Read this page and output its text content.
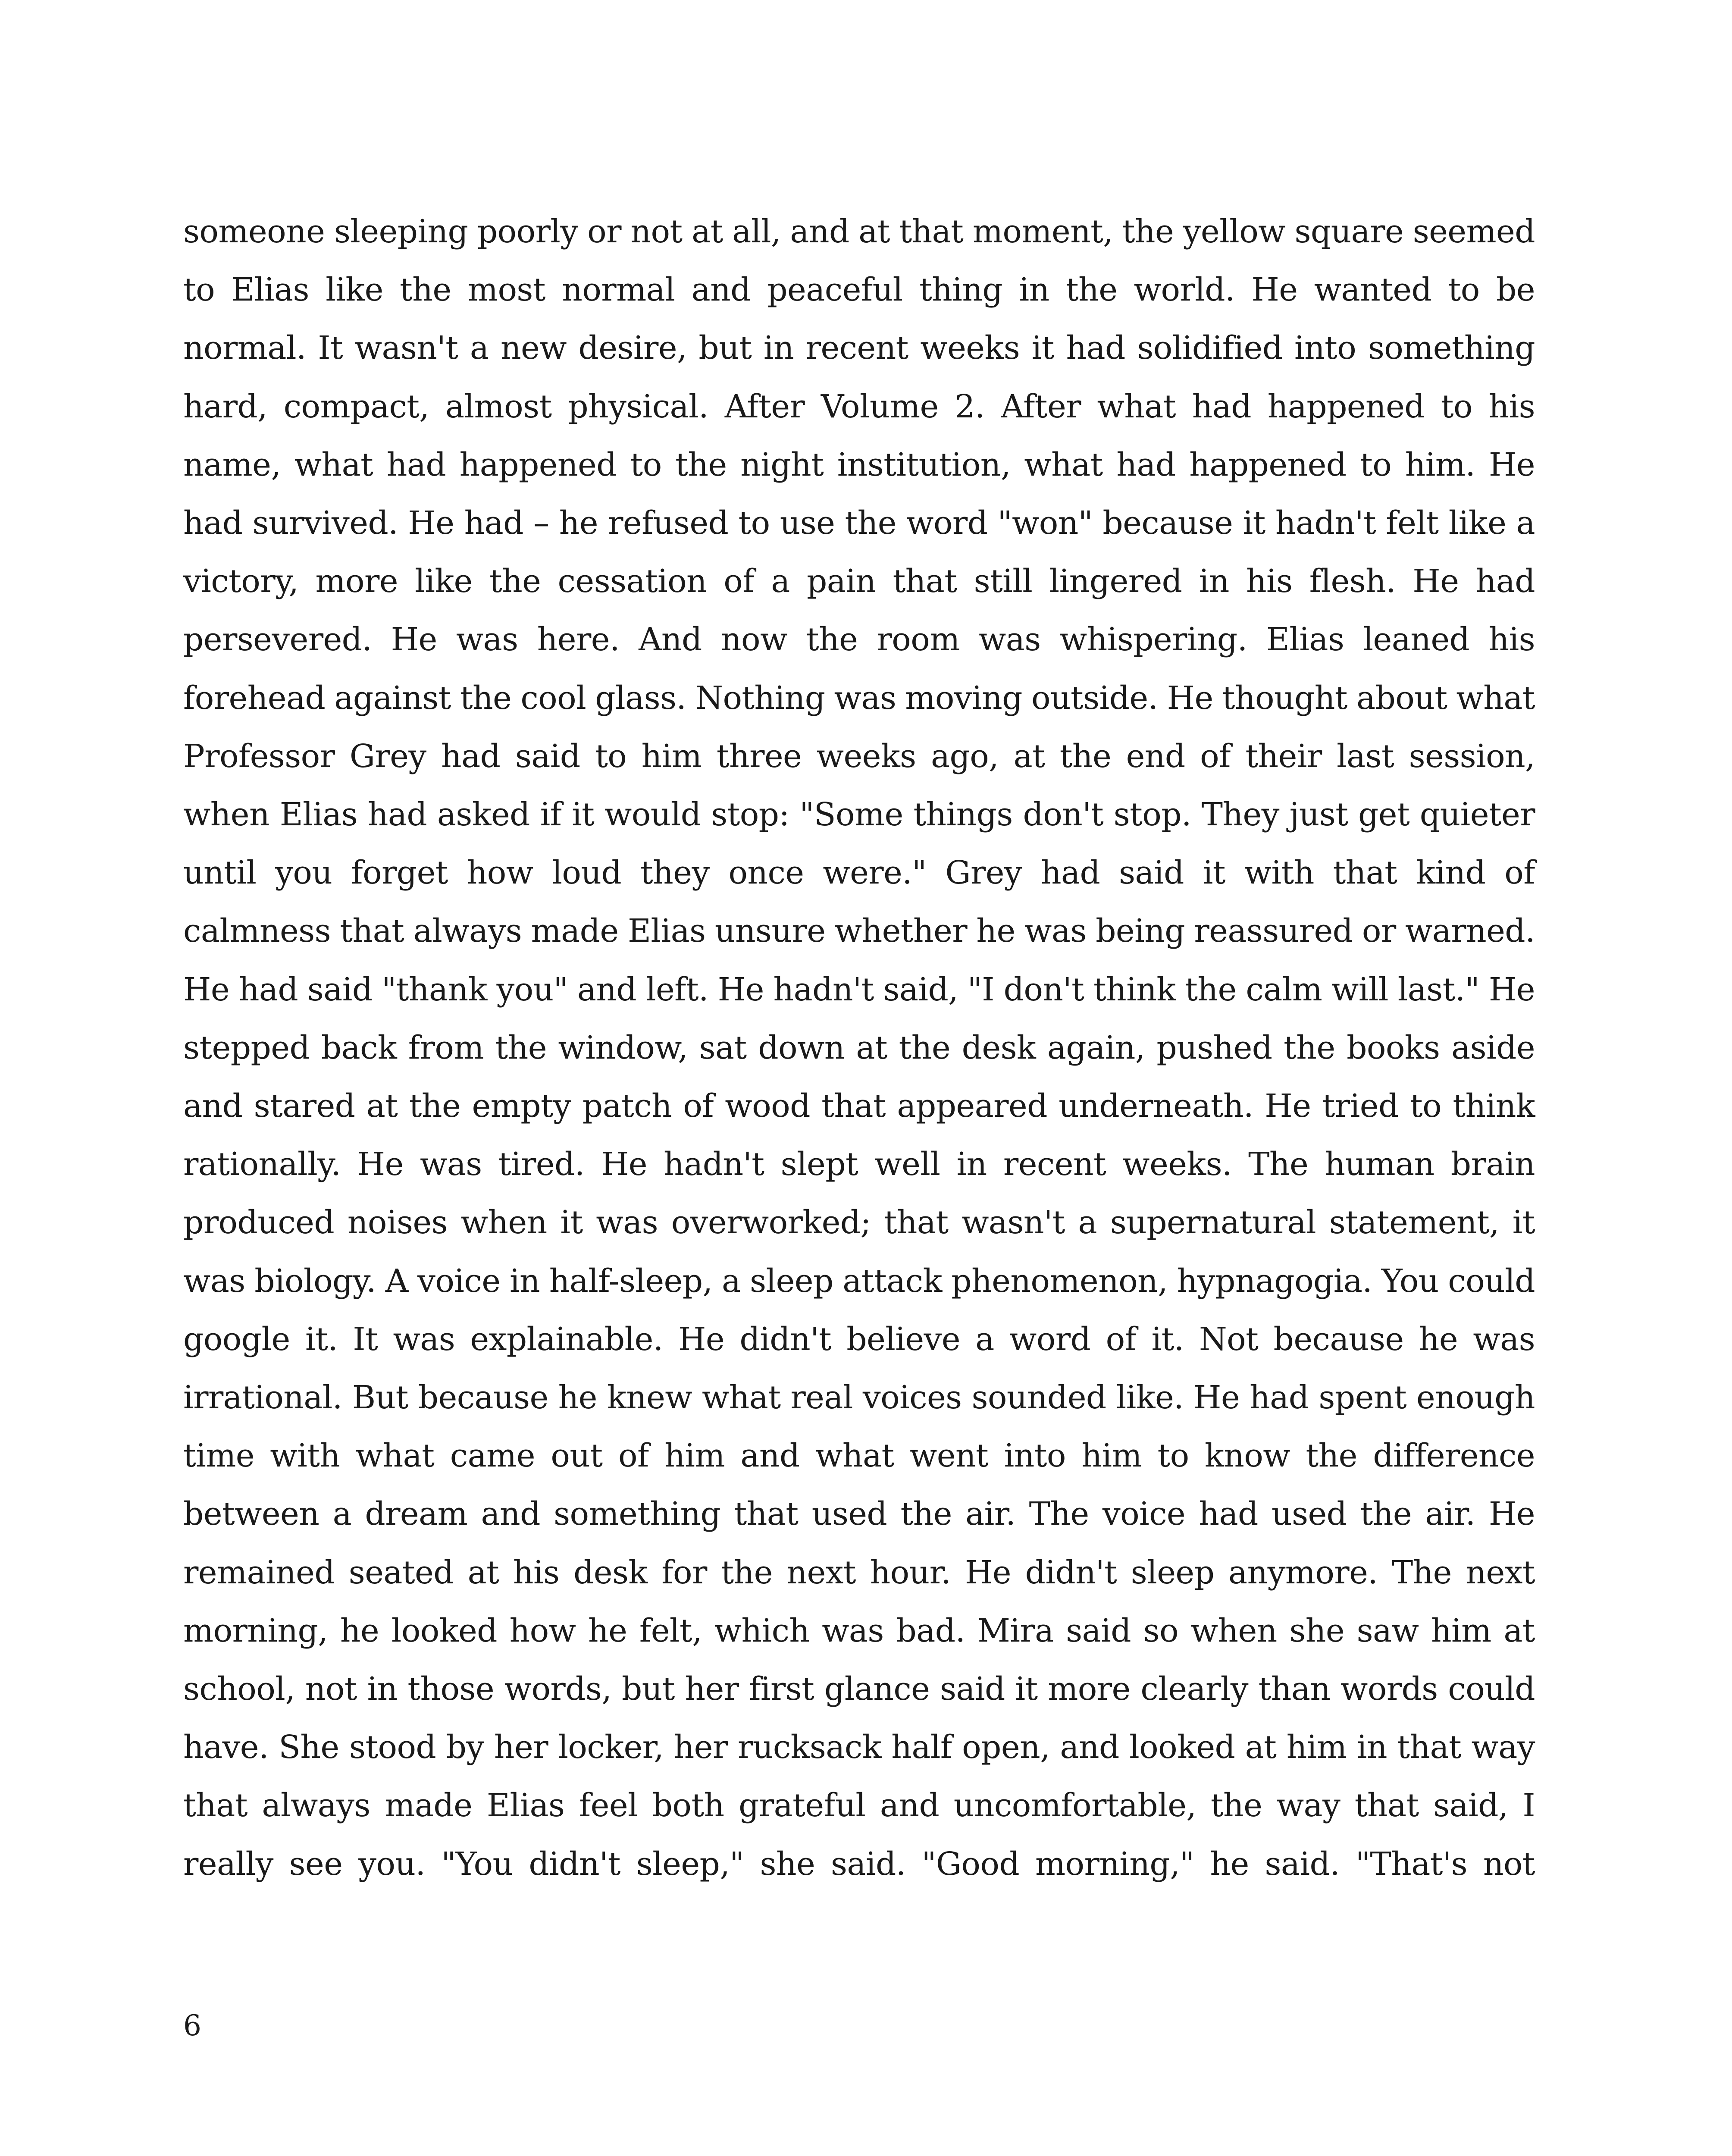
someone sleeping poorly or not at all, and at that moment, the yellow square seemed to Elias like the most normal and peaceful thing in the world. He wanted to be normal. It wasn't a new desire, but in recent weeks it had solidified into something hard, compact, almost physical. After Volume 2. After what had happened to his name, what had happened to the night institution, what had happened to him. He had survived. He had – he refused to use the word "won" because it hadn't felt like a victory, more like the cessation of a pain that still lingered in his flesh. He had persevered. He was here. And now the room was whispering. Elias leaned his forehead against the cool glass. Nothing was moving outside. He thought about what Professor Grey had said to him three weeks ago, at the end of their last session, when Elias had asked if it would stop: "Some things don't stop. They just get quieter until you forget how loud they once were." Grey had said it with that kind of calmness that always made Elias unsure whether he was being reassured or warned. He had said "thank you" and left. He hadn't said, "I don't think the calm will last." He stepped back from the window, sat down at the desk again, pushed the books aside and stared at the empty patch of wood that appeared underneath. He tried to think rationally. He was tired. He hadn't slept well in recent weeks. The human brain produced noises when it was overworked; that wasn't a supernatural statement, it was biology. A voice in half-sleep, a sleep attack phenomenon, hypnagogia. You could google it. It was explainable. He didn't believe a word of it. Not because he was irrational. But because he knew what real voices sounded like. He had spent enough time with what came out of him and what went into him to know the difference between a dream and something that used the air. The voice had used the air. He remained seated at his desk for the next hour. He didn't sleep anymore. The next morning, he looked how he felt, which was bad. Mira said so when she saw him at school, not in those words, but her first glance said it more clearly than words could have. She stood by her locker, her rucksack half open, and looked at him in that way that always made Elias feel both grateful and uncomfortable, the way that said, I really see you. "You didn't sleep," she said. "Good morning," he said. "That's not

6
